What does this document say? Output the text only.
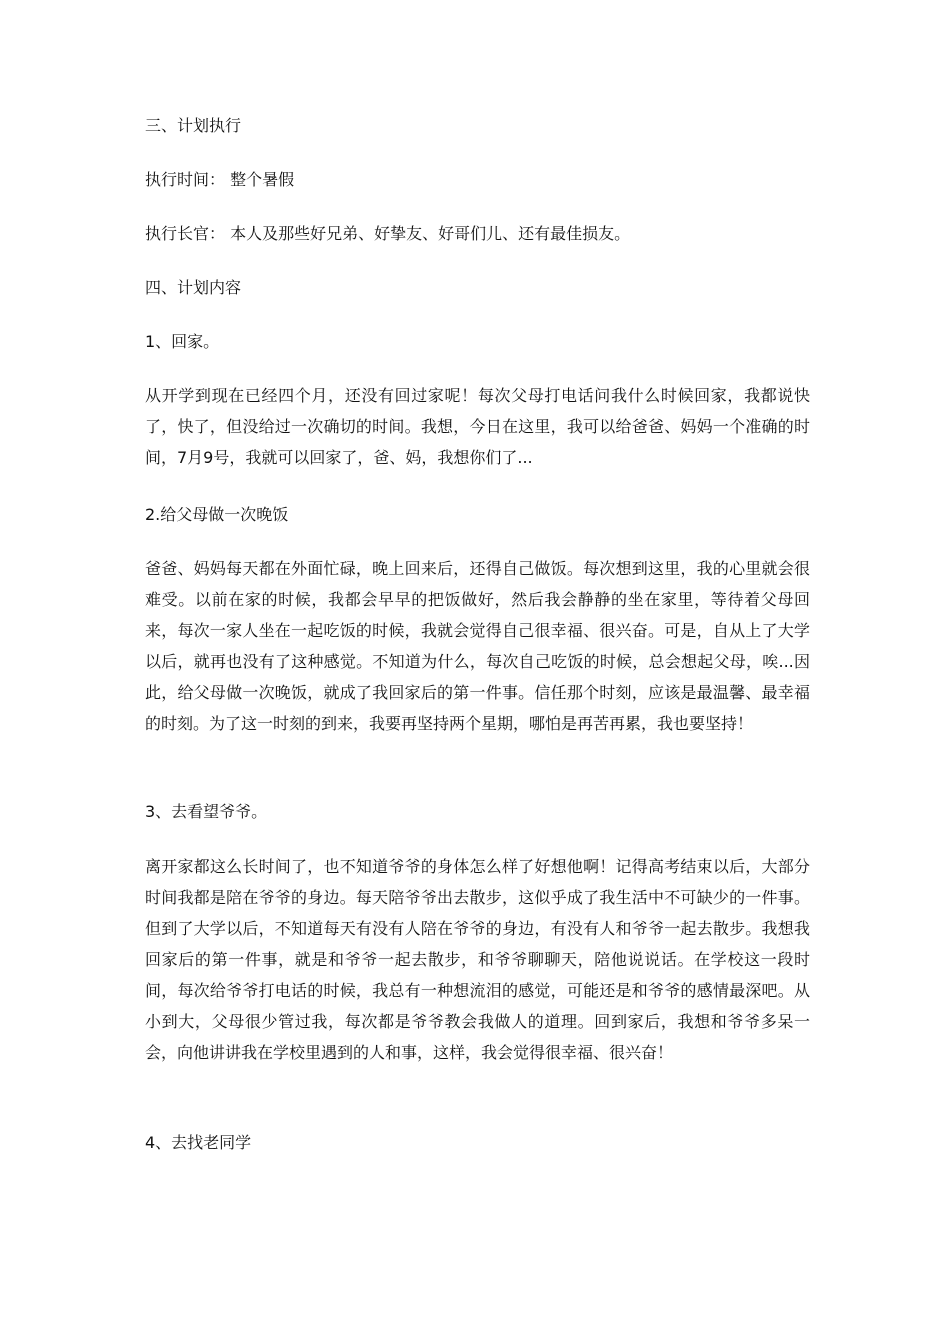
三、计划执行

执行时间： 整个暑假

执行长官： 本人及那些好兄弟、好挚友、好哥们儿、还有最佳损友。

四、计划内容

1、回家。

从开学到现在已经四个月，还没有回过家呢！每次父母打电话问我什么时候回家，我都说快了，快了，但没给过一次确切的时间。我想，今日在这里，我可以给爸爸、妈妈一个准确的时间，7月9号，我就可以回家了，爸、妈，我想你们了...

2.给父母做一次晚饭

爸爸、妈妈每天都在外面忙碌，晚上回来后，还得自己做饭。每次想到这里，我的心里就会很难受。以前在家的时候，我都会早早的把饭做好，然后我会静静的坐在家里，等待着父母回来，每次一家人坐在一起吃饭的时候，我就会觉得自己很幸福、很兴奋。可是，自从上了大学以后，就再也没有了这种感觉。不知道为什么，每次自己吃饭的时候，总会想起父母，唉...因此，给父母做一次晚饭，就成了我回家后的第一件事。信任那个时刻，应该是最温馨、最幸福的时刻。为了这一时刻的到来，我要再坚持两个星期，哪怕是再苦再累，我也要坚持！

3、去看望爷爷。

离开家都这么长时间了，也不知道爷爷的身体怎么样了好想他啊！记得高考结束以后，大部分时间我都是陪在爷爷的身边。每天陪爷爷出去散步，这似乎成了我生活中不可缺少的一件事。但到了大学以后，不知道每天有没有人陪在爷爷的身边，有没有人和爷爷一起去散步。我想我回家后的第一件事，就是和爷爷一起去散步，和爷爷聊聊天，陪他说说话。在学校这一段时间，每次给爷爷打电话的时候，我总有一种想流泪的感觉，可能还是和爷爷的感情最深吧。从小到大，父母很少管过我，每次都是爷爷教会我做人的道理。回到家后，我想和爷爷多呆一会，向他讲讲我在学校里遇到的人和事，这样，我会觉得很幸福、很兴奋！

4、去找老同学
